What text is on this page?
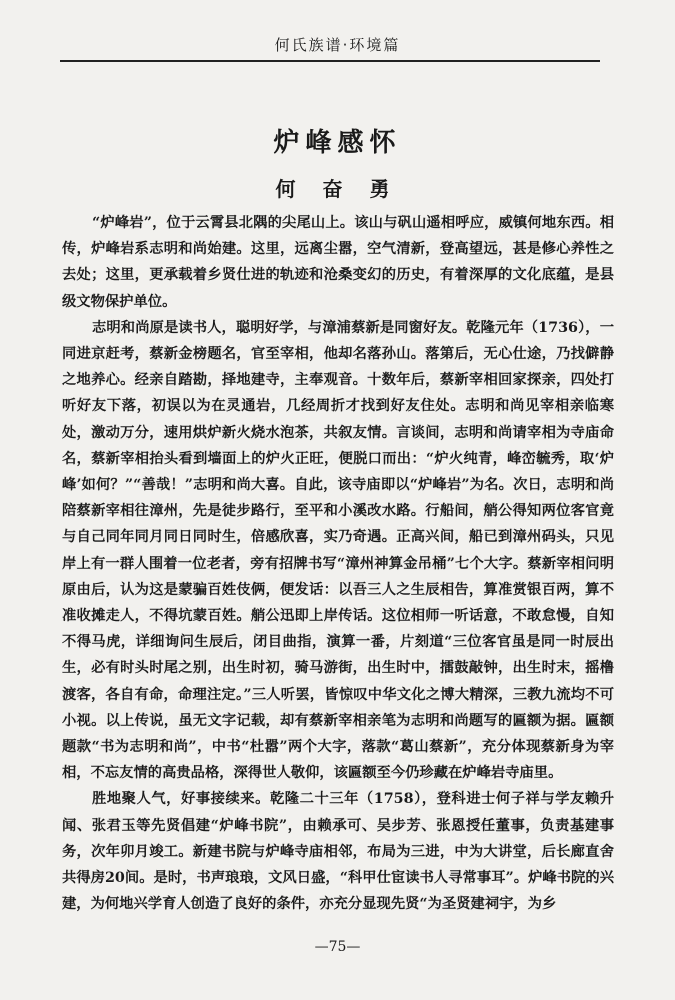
何氏族谱·环境篇
炉峰感怀
何 奋 勇

“炉峰岩”，位于云霄县北隅的尖尾山上。该山与矾山遥相呼应，威镇何地东西。相传，炉峰岩系志明和尚始建。这里，远离尘嚣，空气清新，登高望远，甚是修心养性之去处；这里，更承载着乡贤仕进的轨迹和沧桑变幻的历史，有着深厚的文化底蕴，是县级文物保护单位。

志明和尚原是读书人，聪明好学，与漳浦蔡新是同窗好友。乾隆元年（1736），一同进京赶考，蔡新金榜题名，官至宰相，他却名落孙山。落第后，无心仕途，乃找僻静之地养心。经亲自踏勘，择地建寺，主奉观音。十数年后，蔡新宰相回家探亲，四处打听好友下落，初误以为在灵通岩，几经周折才找到好友住处。志明和尚见宰相亲临寒处，激动万分，速用烘炉新火烧水泡茶，共叙友情。言谈间，志明和尚请宰相为寺庙命名，蔡新宰相抬头看到墙面上的炉火正旺，便脱口而出：“炉火纯青，峰峦毓秀，取‘炉峰’如何？”“善哉！”志明和尚大喜。自此，该寺庙即以“炉峰岩”为名。次日，志明和尚陪蔡新宰相往漳州，先是徒步路行，至平和小溪改水路。行船间，艄公得知两位客官竟与自己同年同月同日同时生，倍感欣喜，实乃奇遇。正高兴间，船已到漳州码头，只见岸上有一群人围着一位老者，旁有招牌书写“漳州神算金吊桶”七个大字。蔡新宰相问明原由后，认为这是蒙骗百姓伎俩，便发话：以吾三人之生辰相告，算准赏银百两，算不准收摊走人，不得坑蒙百姓。艄公迅即上岸传话。这位相师一听话意，不敢怠慢，自知不得马虎，详细询问生辰后，闭目曲指，演算一番，片刻道“三位客官虽是同一时辰出生，必有时头时尾之别，出生时初，骑马游街，出生时中，擂鼓敲钟，出生时末，摇橹渡客，各自有命，命理注定。”三人听罢，皆惊叹中华文化之博大精深，三教九流均不可小视。以上传说，虽无文字记载，却有蔡新宰相亲笔为志明和尚题写的匾额为据。匾额题款“书为志明和尚”，中书“杜嚣”两个大字，落款“葛山蔡新”，充分体现蔡新身为宰相，不忘友情的高贵品格，深得世人敬仰，该匾额至今仍珍藏在炉峰岩寺庙里。

胜地聚人气，好事接续来。乾隆二十三年（1758），登科进士何子祥与学友赖升闻、张君玉等先贤倡建“炉峰书院”，由赖承可、吴步芳、张恩授任董事，负责基建事务，次年卯月竣工。新建书院与炉峰寺庙相邻，布局为三进，中为大讲堂，后长廊直舍共得房20间。是时，书声琅琅，文风日盛，“科甲仕宦读书人寻常事耳”。炉峰书院的兴建，为何地兴学育人创造了良好的条件，亦充分显现先贤“为圣贤建祠宇，为乡

—75—
